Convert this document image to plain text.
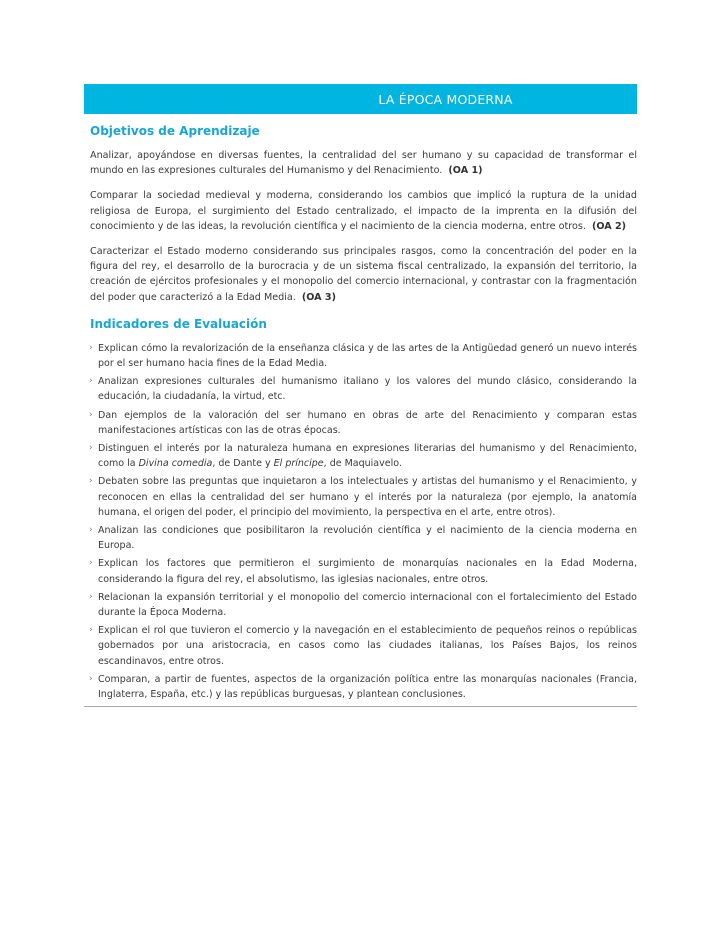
LA ÉPOCA MODERNA
Objetivos de Aprendizaje

Analizar, apoyándose en diversas fuentes, la centralidad del ser humano y su capacidad de transformar el mundo en las expresiones culturales del Humanismo y del Renacimiento. (OA 1)

Comparar la sociedad medieval y moderna, considerando los cambios que implicó la ruptura de la unidad religiosa de Europa, el surgimiento del Estado centralizado, el impacto de la imprenta en la difusión del conocimiento y de las ideas, la revolución científica y el nacimiento de la ciencia moderna, entre otros. (OA 2)

Caracterizar el Estado moderno considerando sus principales rasgos, como la concentración del poder en la figura del rey, el desarrollo de la burocracia y de un sistema fiscal centralizado, la expansión del territorio, la creación de ejércitos profesionales y el monopolio del comercio internacional, y contrastar con la fragmentación del poder que caracterizó a la Edad Media. (OA 3)

Indicadores de Evaluación
› Explican cómo la revalorización de la enseñanza clásica y de las artes de la Antigüedad generó un nuevo interés por el ser humano hacia fines de la Edad Media.
› Analizan expresiones culturales del humanismo italiano y los valores del mundo clásico, considerando la educación, la ciudadanía, la virtud, etc.
› Dan ejemplos de la valoración del ser humano en obras de arte del Renacimiento y comparan estas manifestaciones artísticas con las de otras épocas.
› Distinguen el interés por la naturaleza humana en expresiones literarias del humanismo y del Renacimiento, como la Divina comedia, de Dante y El príncipe, de Maquiavelo.
› Debaten sobre las preguntas que inquietaron a los intelectuales y artistas del humanismo y el Renacimiento, y reconocen en ellas la centralidad del ser humano y el interés por la naturaleza (por ejemplo, la anatomía humana, el origen del poder, el principio del movimiento, la perspectiva en el arte, entre otros).
› Analizan las condiciones que posibilitaron la revolución científica y el nacimiento de la ciencia moderna en Europa.
› Explican los factores que permitieron el surgimiento de monarquías nacionales en la Edad Moderna, considerando la figura del rey, el absolutismo, las iglesias nacionales, entre otros.
› Relacionan la expansión territorial y el monopolio del comercio internacional con el fortalecimiento del Estado durante la Época Moderna.
› Explican el rol que tuvieron el comercio y la navegación en el establecimiento de pequeños reinos o repúblicas gobernados por una aristocracia, en casos como las ciudades italianas, los Países Bajos, los reinos escandinavos, entre otros.
› Comparan, a partir de fuentes, aspectos de la organización política entre las monarquías nacionales (Francia, Inglaterra, España, etc.) y las repúblicas burguesas, y plantean conclusiones.
